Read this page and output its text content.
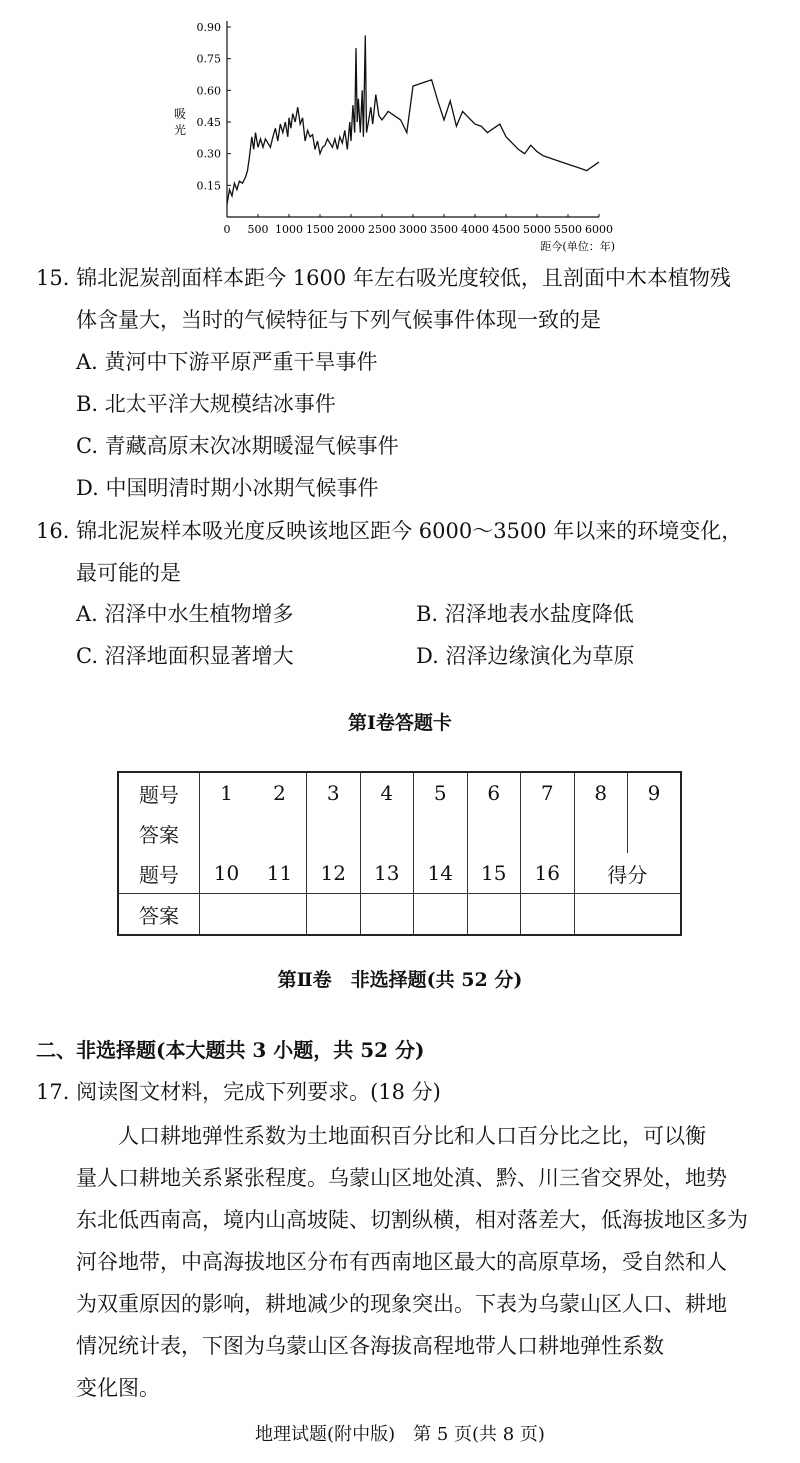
0.90
0.75
0.60
0.45
0.30
0.15
0 500 1000 1500 2000 2500 3000 3500 4000 4500 5000 5500 6000
吸
光
距今(单位：年)
15. 锦北泥炭剖面样本距今 1600 年左右吸光度较低，且剖面中木本植物残
体含量大，当时的气候特征与下列气候事件体现一致的是
A. 黄河中下游平原严重干旱事件
B. 北太平洋大规模结冰事件
C. 青藏高原末次冰期暖湿气候事件
D. 中国明清时期小冰期气候事件
16. 锦北泥炭样本吸光度反映该地区距今 6000～3500 年以来的环境变化，
最可能的是
A. 沼泽中水生植物增多	B. 沼泽地表水盐度降低
C. 沼泽地面积显著增大	D. 沼泽边缘演化为草原
第Ⅰ卷答题卡
题号	1	2	3	4	5	6	7	8	9
答案									
题号	10	11	12	13	14	15	16	得分	
答案									
第Ⅱ卷　非选择题(共 52 分)
二、非选择题(本大题共 3 小题，共 52 分)
17. 阅读图文材料，完成下列要求。(18 分)
人口耕地弹性系数为土地面积百分比和人口百分比之比，可以衡
量人口耕地关系紧张程度。乌蒙山区地处滇、黔、川三省交界处，地势
东北低西南高，境内山高坡陡、切割纵横，相对落差大，低海拔地区多为
河谷地带，中高海拔地区分布有西南地区最大的高原草场，受自然和人
为双重原因的影响，耕地减少的现象突出。下表为乌蒙山区人口、耕地
情况统计表，下图为乌蒙山区各海拔高程地带人口耕地弹性系数
变化图。
地理试题(附中版)　第 5 页(共 8 页)
